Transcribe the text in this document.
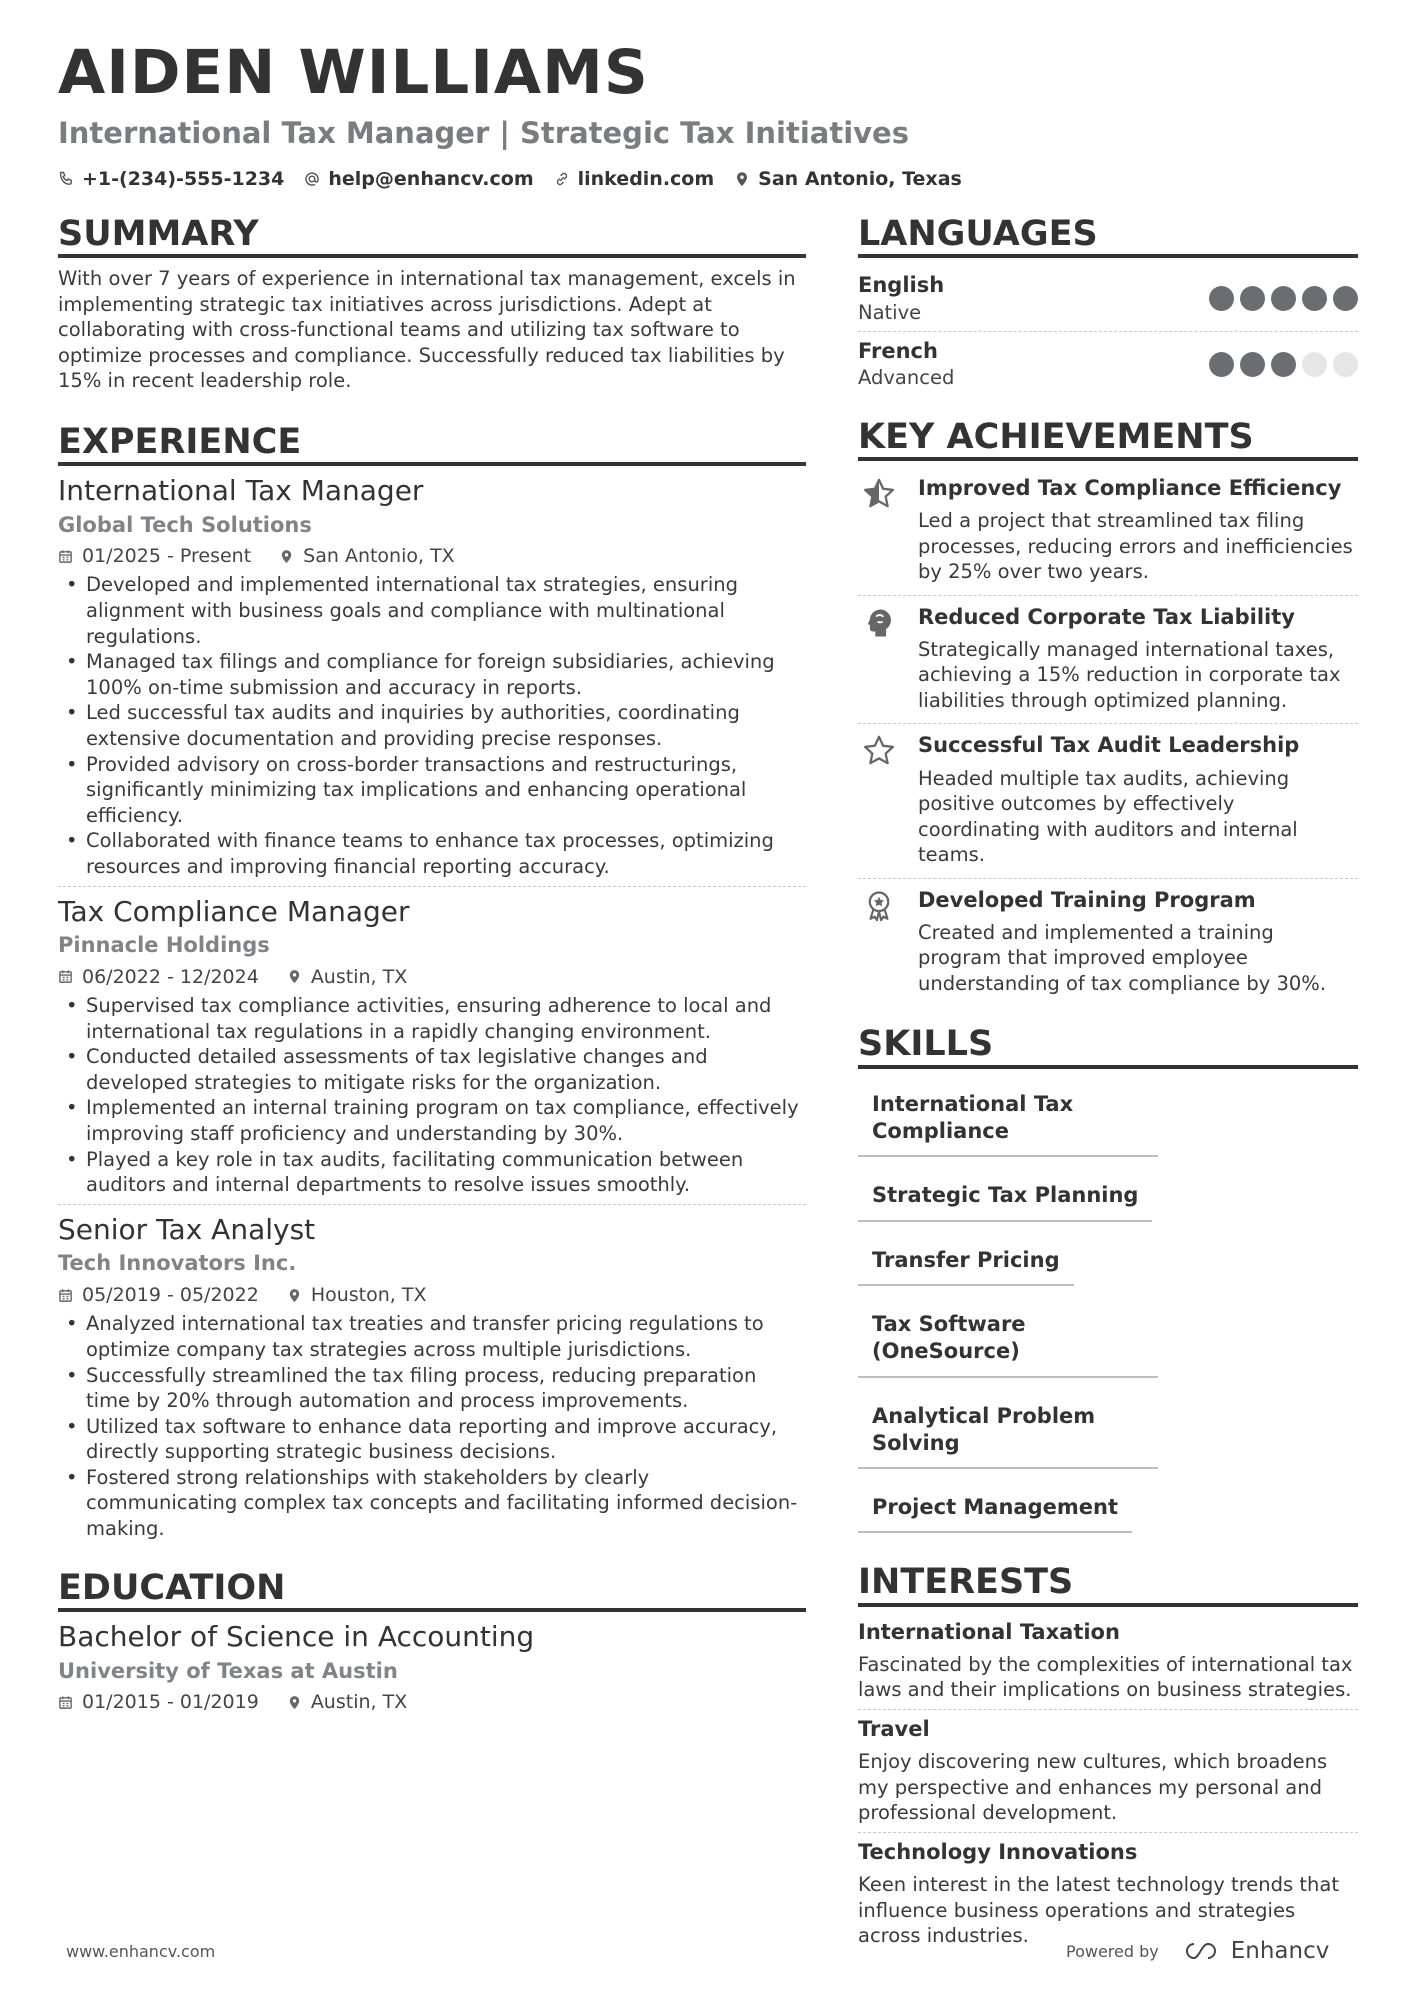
AIDEN WILLIAMS
International Tax Manager | Strategic Tax Initiatives
+1-(234)-555-1234 help@enhancv.com linkedin.com San Antonio, Texas
SUMMARY
With over 7 years of experience in international tax management, excels in implementing strategic tax initiatives across jurisdictions. Adept at collaborating with cross-functional teams and utilizing tax software to optimize processes and compliance. Successfully reduced tax liabilities by 15% in recent leadership role.
EXPERIENCE
International Tax Manager
Global Tech Solutions
01/2025 - Present	San Antonio, TX
• Developed and implemented international tax strategies, ensuring alignment with business goals and compliance with multinational regulations.
• Managed tax filings and compliance for foreign subsidiaries, achieving 100% on-time submission and accuracy in reports.
• Led successful tax audits and inquiries by authorities, coordinating extensive documentation and providing precise responses.
• Provided advisory on cross-border transactions and restructurings, significantly minimizing tax implications and enhancing operational efficiency.
• Collaborated with finance teams to enhance tax processes, optimizing resources and improving financial reporting accuracy.
Tax Compliance Manager
Pinnacle Holdings
06/2022 - 12/2024	Austin, TX
• Supervised tax compliance activities, ensuring adherence to local and international tax regulations in a rapidly changing environment.
• Conducted detailed assessments of tax legislative changes and developed strategies to mitigate risks for the organization.
• Implemented an internal training program on tax compliance, effectively improving staff proficiency and understanding by 30%.
• Played a key role in tax audits, facilitating communication between auditors and internal departments to resolve issues smoothly.
Senior Tax Analyst
Tech Innovators Inc.
05/2019 - 05/2022	Houston, TX
• Analyzed international tax treaties and transfer pricing regulations to optimize company tax strategies across multiple jurisdictions.
• Successfully streamlined the tax filing process, reducing preparation time by 20% through automation and process improvements.
• Utilized tax software to enhance data reporting and improve accuracy, directly supporting strategic business decisions.
• Fostered strong relationships with stakeholders by clearly communicating complex tax concepts and facilitating informed decision-making.
EDUCATION
Bachelor of Science in Accounting
University of Texas at Austin
01/2015 - 01/2019	Austin, TX
LANGUAGES
English
Native
French
Advanced
KEY ACHIEVEMENTS
Improved Tax Compliance Efficiency
Led a project that streamlined tax filing processes, reducing errors and inefficiencies by 25% over two years.
Reduced Corporate Tax Liability
Strategically managed international taxes, achieving a 15% reduction in corporate tax liabilities through optimized planning.
Successful Tax Audit Leadership
Headed multiple tax audits, achieving positive outcomes by effectively coordinating with auditors and internal teams.
Developed Training Program
Created and implemented a training program that improved employee understanding of tax compliance by 30%.
SKILLS
International Tax Compliance
Strategic Tax Planning
Transfer Pricing
Tax Software (OneSource)
Analytical Problem Solving
Project Management
INTERESTS
International Taxation
Fascinated by the complexities of international tax laws and their implications on business strategies.
Travel
Enjoy discovering new cultures, which broadens my perspective and enhances my personal and professional development.
Technology Innovations
Keen interest in the latest technology trends that influence business operations and strategies across industries.
www.enhancv.com	Powered by	Enhancv
